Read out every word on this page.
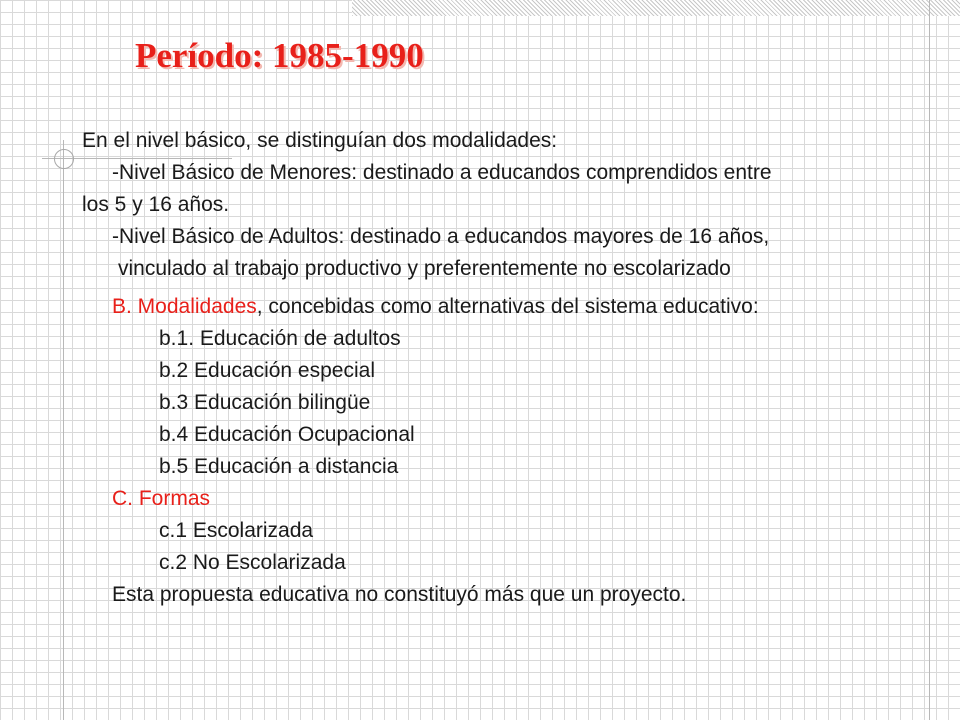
Período: 1985-1990
En el nivel básico, se distinguían dos modalidades:
-Nivel Básico de Menores: destinado a educandos comprendidos entre
los 5 y 16 años.
-Nivel Básico de Adultos: destinado a educandos mayores de 16 años,
vinculado al trabajo productivo y preferentemente no escolarizado
B. Modalidades, concebidas como alternativas del sistema educativo:
b.1. Educación de adultos
b.2 Educación especial
b.3 Educación bilingüe
b.4 Educación Ocupacional
b.5 Educación a distancia
C. Formas
c.1 Escolarizada
c.2 No Escolarizada
Esta propuesta educativa no constituyó más que un proyecto.
